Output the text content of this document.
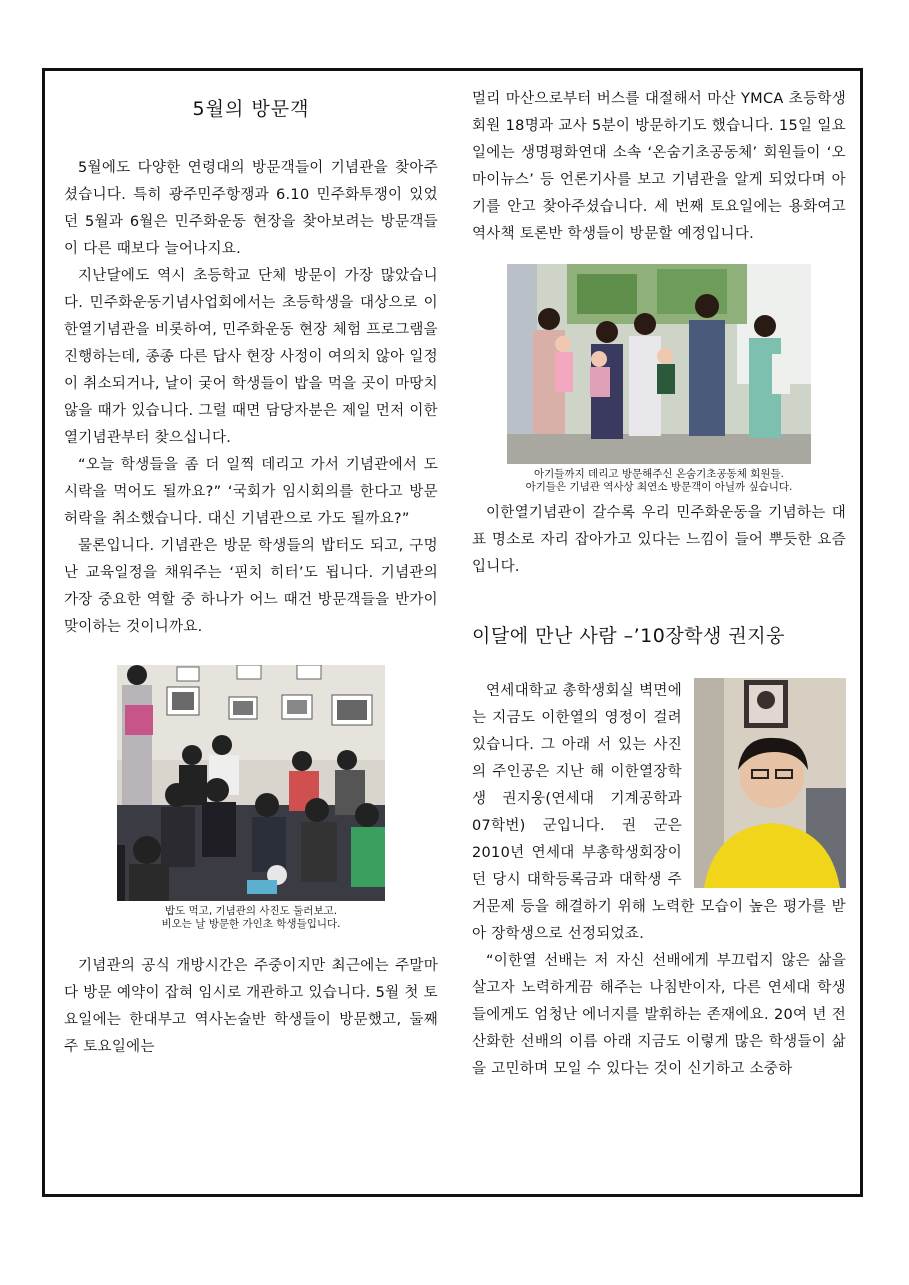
5월의 방문객

5월에도 다양한 연령대의 방문객들이 기념관을 찾아주셨습니다. 특히 광주민주항쟁과 6.10 민주화투쟁이 있었던 5월과 6월은 민주화운동 현장을 찾아보려는 방문객들이 다른 때보다 늘어나지요.

지난달에도 역시 초등학교 단체 방문이 가장 많았습니다. 민주화운동기념사업회에서는 초등학생을 대상으로 이한열기념관을 비롯하여, 민주화운동 현장 체험 프로그램을 진행하는데, 종종 다른 답사 현장 사정이 여의치 않아 일정이 취소되거나, 날이 궂어 학생들이 밥을 먹을 곳이 마땅치 않을 때가 있습니다. 그럴 때면 담당자분은 제일 먼저 이한열기념관부터 찾으십니다.

“오늘 학생들을 좀 더 일찍 데리고 가서 기념관에서 도시락을 먹어도 될까요?” ‘국회가 임시회의를 한다고 방문허락을 취소했습니다. 대신 기념관으로 가도 될까요?”

물론입니다. 기념관은 방문 학생들의 밥터도 되고, 구멍 난 교육일정을 채워주는 ‘핀치 히터’도 됩니다. 기념관의 가장 중요한 역할 중 하나가 어느 때건 방문객들을 반가이 맞이하는 것이니까요.

밥도 먹고, 기념관의 사진도 둘러보고.
비오는 날 방문한 가인초 학생들입니다.

기념관의 공식 개방시간은 주중이지만 최근에는 주말마다 방문 예약이 잡혀 임시로 개관하고 있습니다. 5월 첫 토요일에는 한대부고 역사논술반 학생들이 방문했고, 둘째 주 토요일에는

멀리 마산으로부터 버스를 대절해서 마산 YMCA 초등학생 회원 18명과 교사 5분이 방문하기도 했습니다. 15일 일요일에는 생명평화연대 소속 ‘온숨기초공동체’ 회원들이 ‘오마이뉴스’ 등 언론기사를 보고 기념관을 알게 되었다며 아기를 안고 찾아주셨습니다. 세 번째 토요일에는 용화여고 역사책 토론반 학생들이 방문할 예정입니다.

아기들까지 데리고 방문해주신 온숨기초공동체 회원들.
아기들은 기념관 역사상 최연소 방문객이 아닐까 싶습니다.

이한열기념관이 갈수록 우리 민주화운동을 기념하는 대표 명소로 자리 잡아가고 있다는 느낌이 들어 뿌듯한 요즘입니다.

이달에 만난 사람 –’10장학생 권지웅

연세대학교 총학생회실 벽면에는 지금도 이한열의 영정이 걸려있습니다. 그 아래 서 있는 사진의 주인공은 지난 해 이한열장학생 권지웅(연세대 기계공학과 07학번) 군입니다. 권 군은 2010년 연세대 부총학생회장이던 당시 대학등록금과 대학생 주거문제 등을 해결하기 위해 노력한 모습이 높은 평가를 받아 장학생으로 선정되었죠.

“이한열 선배는 저 자신 선배에게 부끄럽지 않은 삶을 살고자 노력하게끔 해주는 나침반이자, 다른 연세대 학생들에게도 엄청난 에너지를 발휘하는 존재에요. 20여 년 전 산화한 선배의 이름 아래 지금도 이렇게 많은 학생들이 삶을 고민하며 모일 수 있다는 것이 신기하고 소중하
